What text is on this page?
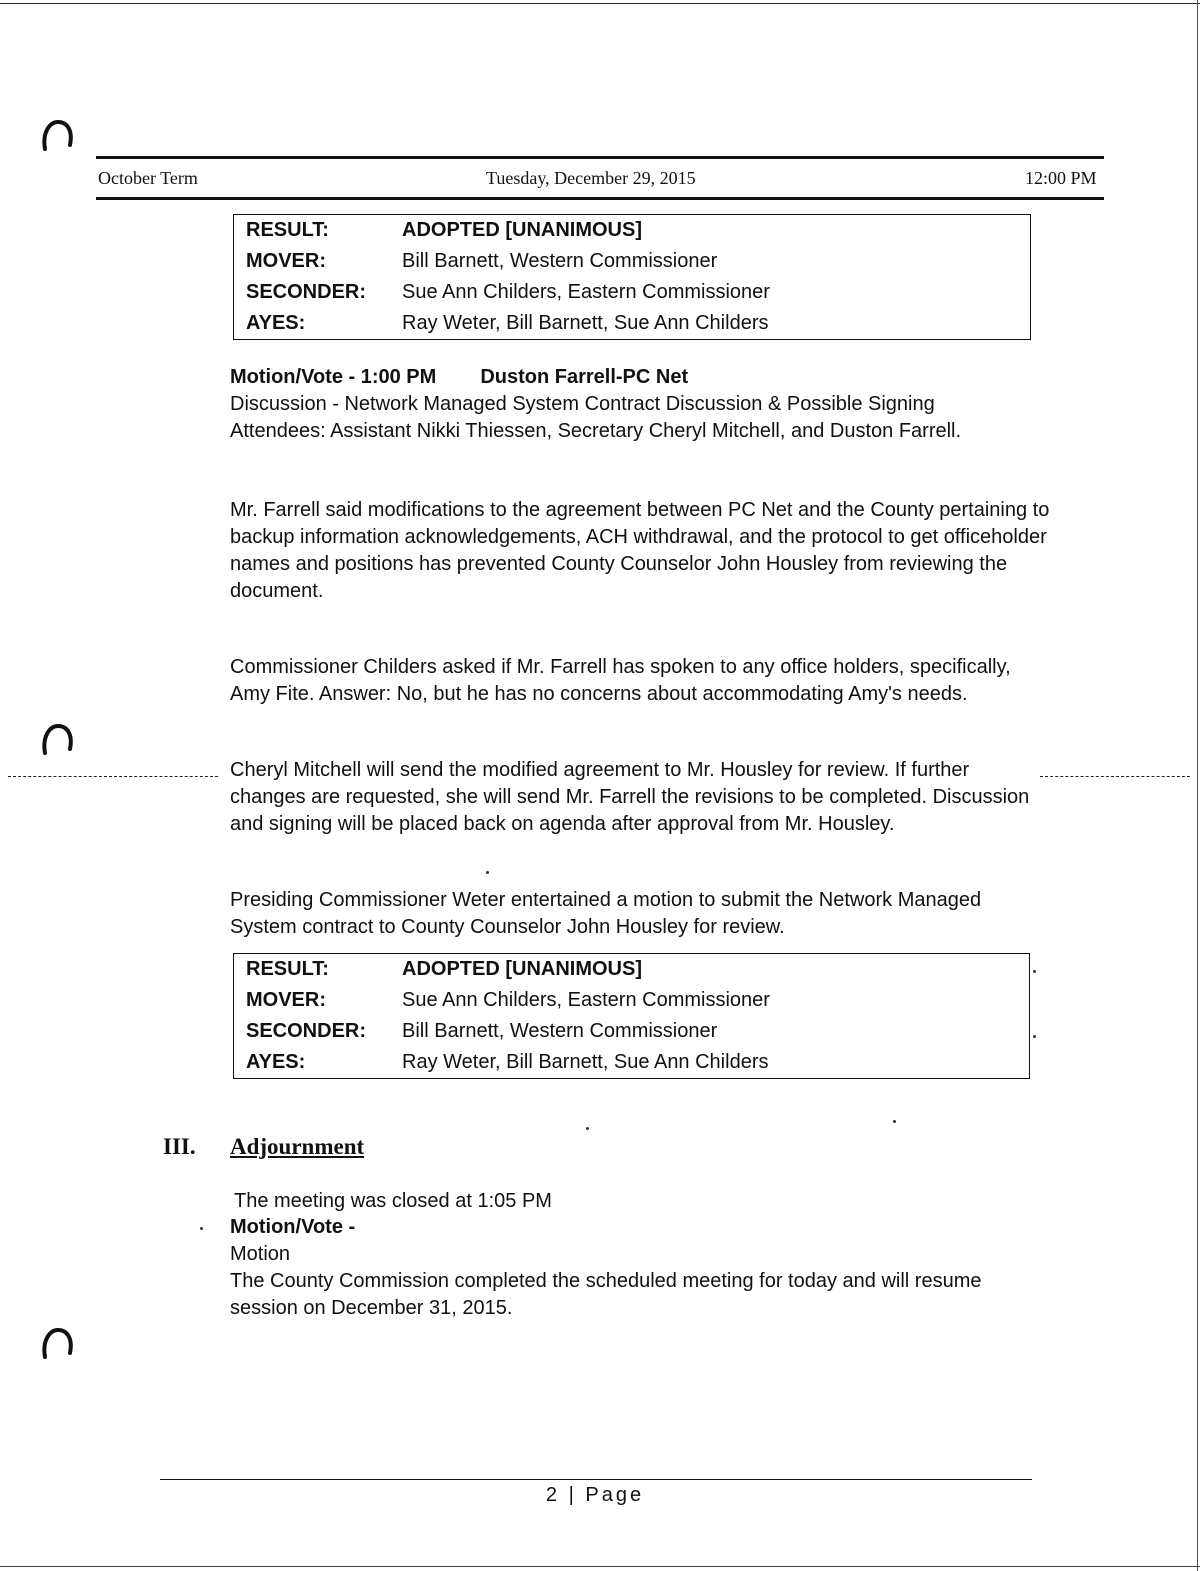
October Term	Tuesday, December 29, 2015	12:00 PM
RESULT:	ADOPTED [UNANIMOUS]
MOVER:	Bill Barnett, Western Commissioner
SECONDER:	Sue Ann Childers, Eastern Commissioner
AYES:	Ray Weter, Bill Barnett, Sue Ann Childers

Motion/Vote - 1:00 PM Duston Farrell-PC Net

Discussion - Network Managed System Contract Discussion & Possible Signing

Attendees: Assistant Nikki Thiessen, Secretary Cheryl Mitchell, and Duston Farrell.

Mr. Farrell said modifications to the agreement between PC Net and the County pertaining to backup information acknowledgements, ACH withdrawal, and the protocol to get officeholder names and positions has prevented County Counselor John Housley from reviewing the document.

Commissioner Childers asked if Mr. Farrell has spoken to any office holders, specifically, Amy Fite. Answer: No, but he has no concerns about accommodating Amy's needs.

Cheryl Mitchell will send the modified agreement to Mr. Housley for review. If further changes are requested, she will send Mr. Farrell the revisions to be completed. Discussion and signing will be placed back on agenda after approval from Mr. Housley.

Presiding Commissioner Weter entertained a motion to submit the Network Managed System contract to County Counselor John Housley for review.

RESULT:	ADOPTED [UNANIMOUS]
MOVER:	Sue Ann Childers, Eastern Commissioner
SECONDER:	Bill Barnett, Western Commissioner
AYES:	Ray Weter, Bill Barnett, Sue Ann Childers
III. Adjournment
The meeting was closed at 1:05 PM
Motion/Vote -
Motion
The County Commission completed the scheduled meeting for today and will resume session on December 31, 2015.
2 | Page
